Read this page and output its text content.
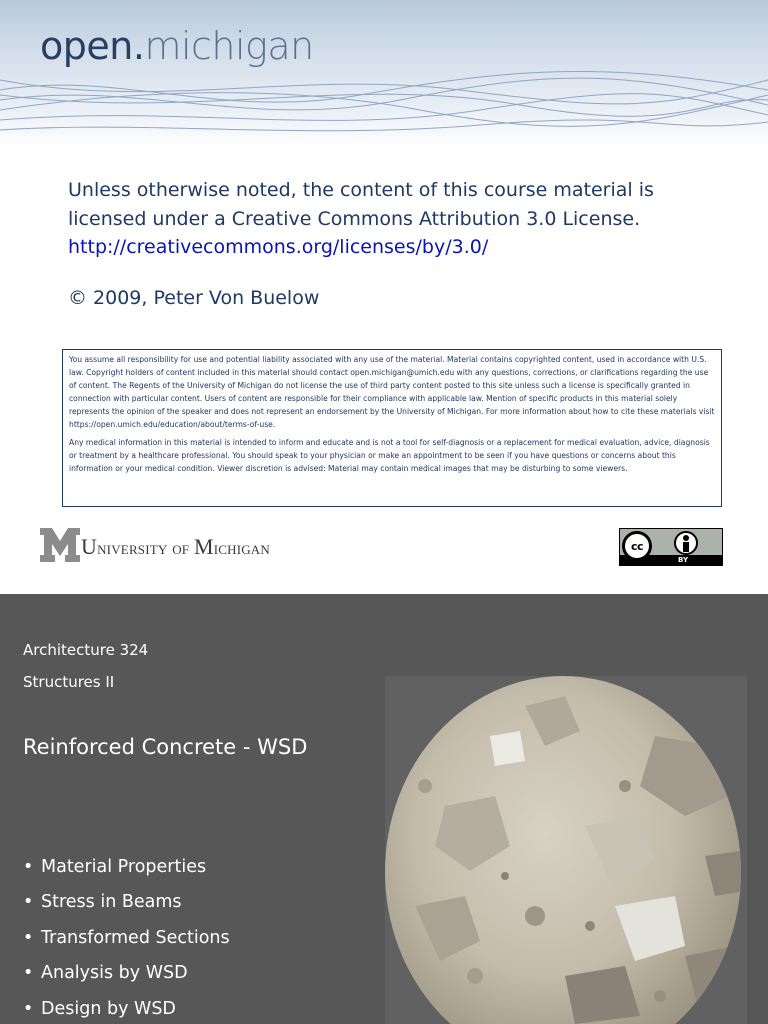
open.michigan
Unless otherwise noted, the content of this course material is
licensed under a Creative Commons Attribution 3.0 License.
http://creativecommons.org/licenses/by/3.0/
© 2009, Peter Von Buelow

You assume all responsibility for use and potential liability associated with any use of the material. Material contains copyrighted content, used in accordance with U.S. law. Copyright holders of content included in this material should contact open.michigan@umich.edu with any questions, corrections, or clarifications regarding the use of content. The Regents of the University of Michigan do not license the use of third party content posted to this site unless such a license is specifically granted in connection with particular content. Users of content are responsible for their compliance with applicable law. Mention of specific products in this material solely represents the opinion of the speaker and does not represent an endorsement by the University of Michigan. For more information about how to cite these materials visit https://open.umich.edu/education/about/terms-of-use.

Any medical information in this material is intended to inform and educate and is not a tool for self-diagnosis or a replacement for medical evaluation, advice, diagnosis or treatment by a healthcare professional. You should speak to your physician or make an appointment to be seen if you have questions or concerns about this information or your medical condition. Viewer discretion is advised: Material may contain medical images that may be disturbing to some viewers.

University of Michigan	cc
BY
Architecture 324
Structures II
Reinforced Concrete - WSD
• Material Properties
• Stress in Beams
• Transformed Sections
• Analysis by WSD
• Design by WSD
